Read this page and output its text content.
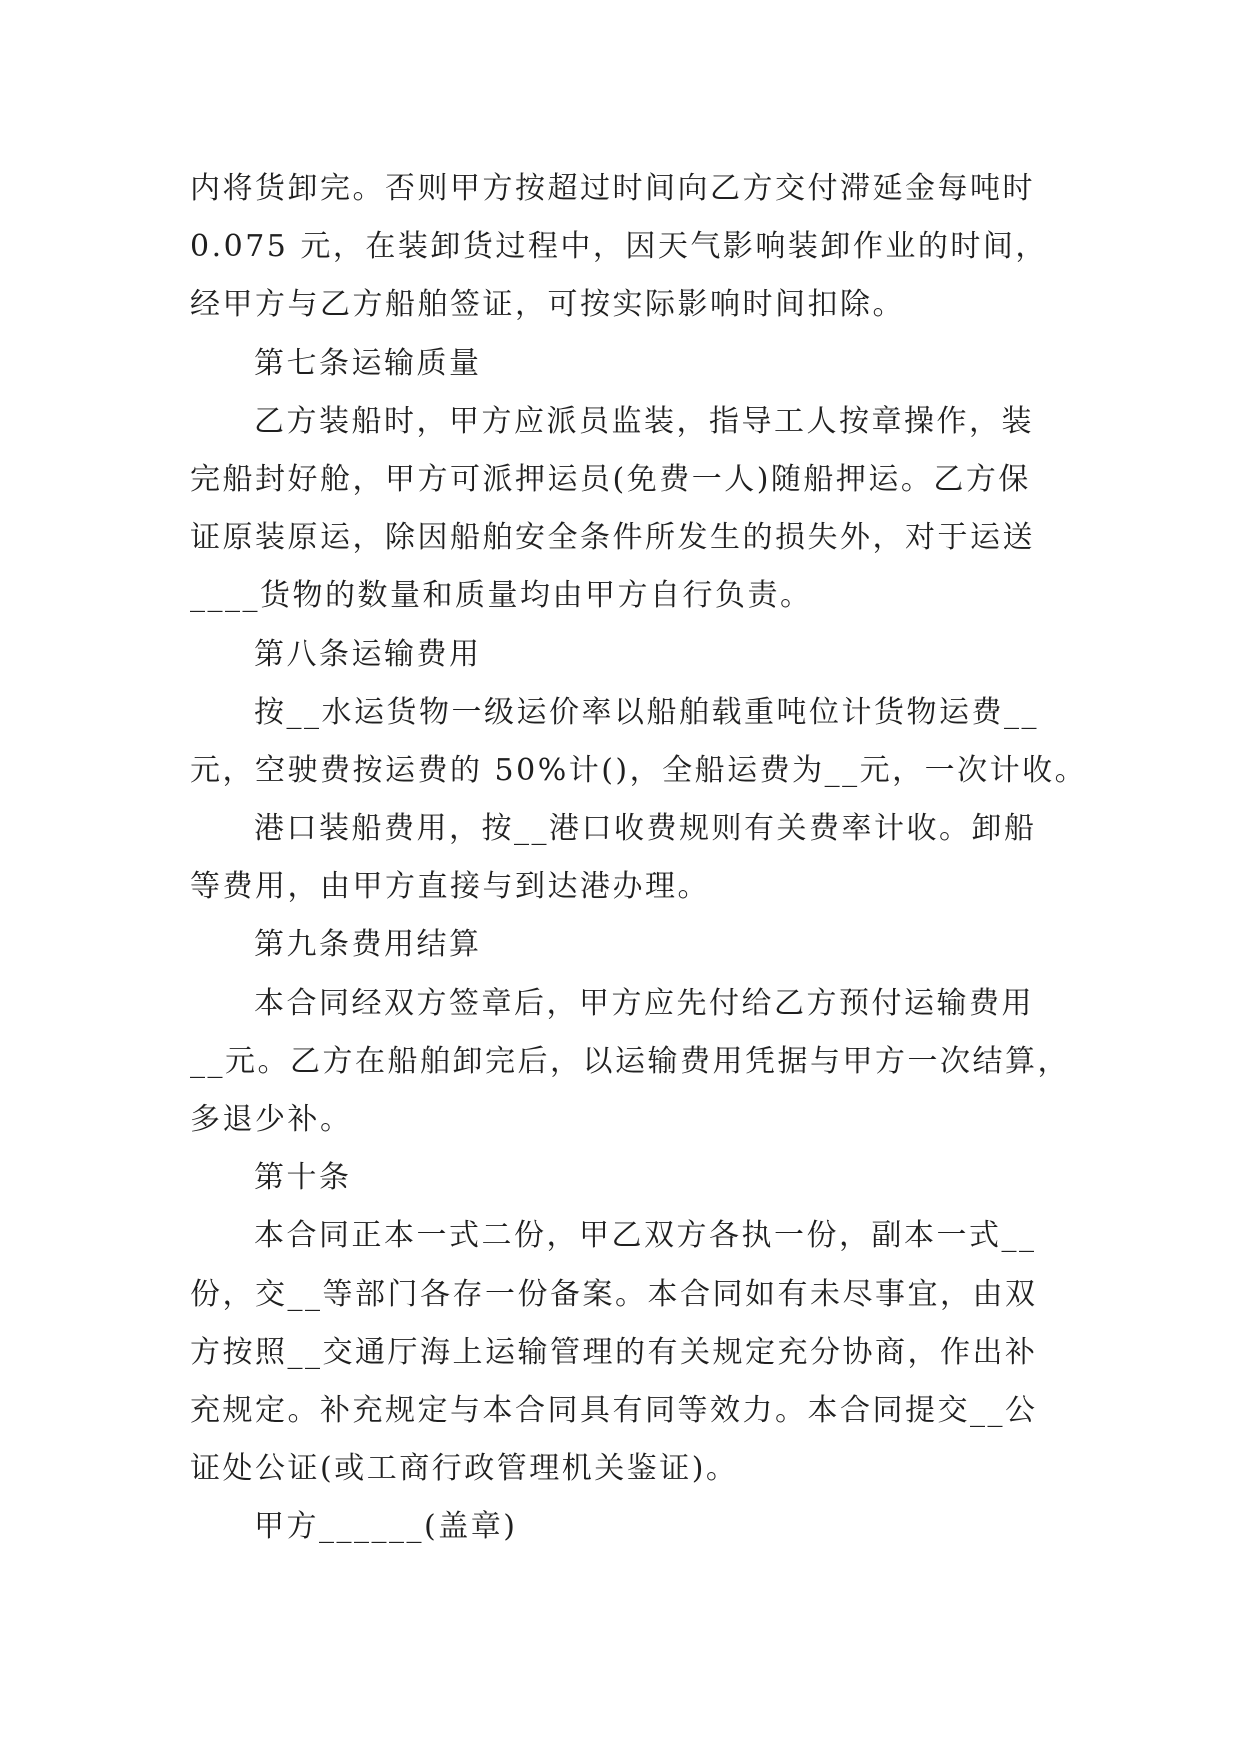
内将货卸完。否则甲方按超过时间向乙方交付滞延金每吨时
0.075 元，在装卸货过程中，因天气影响装卸作业的时间，
经甲方与乙方船舶签证，可按实际影响时间扣除。
第七条运输质量
乙方装船时，甲方应派员监装，指导工人按章操作，装
完船封好舱，甲方可派押运员(免费一人)随船押运。乙方保
证原装原运，除因船舶安全条件所发生的损失外，对于运送
____货物的数量和质量均由甲方自行负责。
第八条运输费用
按__水运货物一级运价率以船舶载重吨位计货物运费__
元，空驶费按运费的 50%计()，全船运费为__元，一次计收。
港口装船费用，按__港口收费规则有关费率计收。卸船
等费用，由甲方直接与到达港办理。
第九条费用结算
本合同经双方签章后，甲方应先付给乙方预付运输费用
__元。乙方在船舶卸完后，以运输费用凭据与甲方一次结算，
多退少补。
第十条
本合同正本一式二份，甲乙双方各执一份，副本一式__
份，交__等部门各存一份备案。本合同如有未尽事宜，由双
方按照__交通厅海上运输管理的有关规定充分协商，作出补
充规定。补充规定与本合同具有同等效力。本合同提交__公
证处公证(或工商行政管理机关鉴证)。
甲方______(盖章)
